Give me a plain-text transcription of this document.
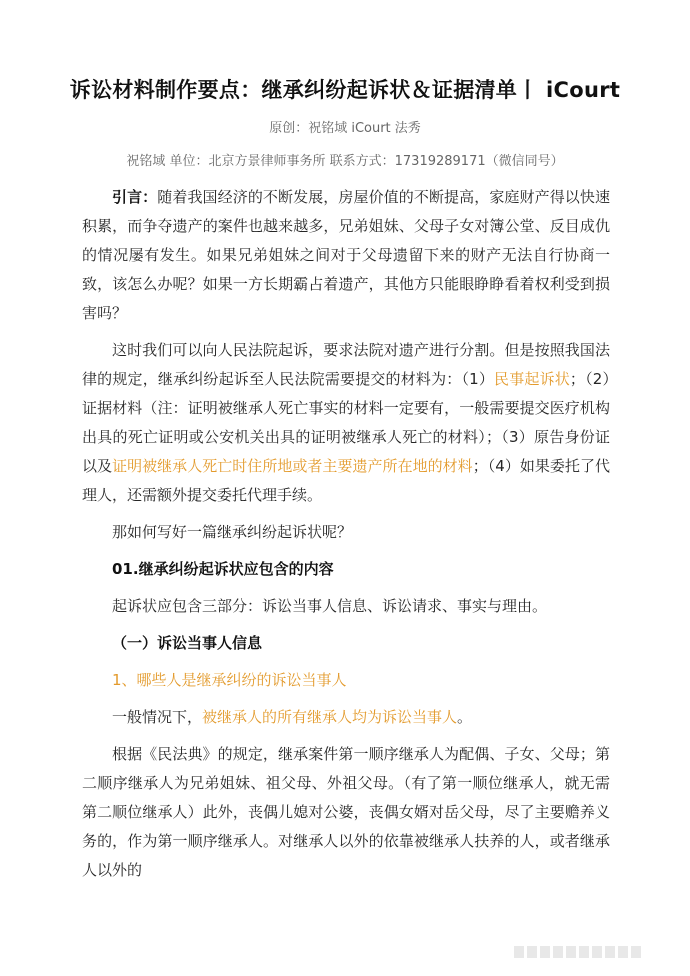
诉讼材料制作要点：继承纠纷起诉状＆证据清单丨 iCourt
原创：祝铭域 iCourt 法秀
祝铭域 单位：北京方景律师事务所 联系方式：17319289171（微信同号）

引言：随着我国经济的不断发展，房屋价值的不断提高，家庭财产得以快速积累，而争夺遗产的案件也越来越多，兄弟姐妹、父母子女对簿公堂、反目成仇的情况屡有发生。如果兄弟姐妹之间对于父母遗留下来的财产无法自行协商一致，该怎么办呢？如果一方长期霸占着遗产，其他方只能眼睁睁看着权利受到损害吗？

这时我们可以向人民法院起诉，要求法院对遗产进行分割。但是按照我国法律的规定，继承纠纷起诉至人民法院需要提交的材料为：（1）民事起诉状；（2）证据材料（注：证明被继承人死亡事实的材料一定要有，一般需要提交医疗机构出具的死亡证明或公安机关出具的证明被继承人死亡的材料）；（3）原告身份证以及证明被继承人死亡时住所地或者主要遗产所在地的材料；（4）如果委托了代理人，还需额外提交委托代理手续。

那如何写好一篇继承纠纷起诉状呢？

01.继承纠纷起诉状应包含的内容

起诉状应包含三部分：诉讼当事人信息、诉讼请求、事实与理由。

（一）诉讼当事人信息

1、哪些人是继承纠纷的诉讼当事人

一般情况下，被继承人的所有继承人均为诉讼当事人。

根据《民法典》的规定，继承案件第一顺序继承人为配偶、子女、父母；第二顺序继承人为兄弟姐妹、祖父母、外祖父母。（有了第一顺位继承人，就无需第二顺位继承人）此外，丧偶儿媳对公婆，丧偶女婿对岳父母，尽了主要赡养义务的，作为第一顺序继承人。对继承人以外的依靠被继承人扶养的人，或者继承人以外的
